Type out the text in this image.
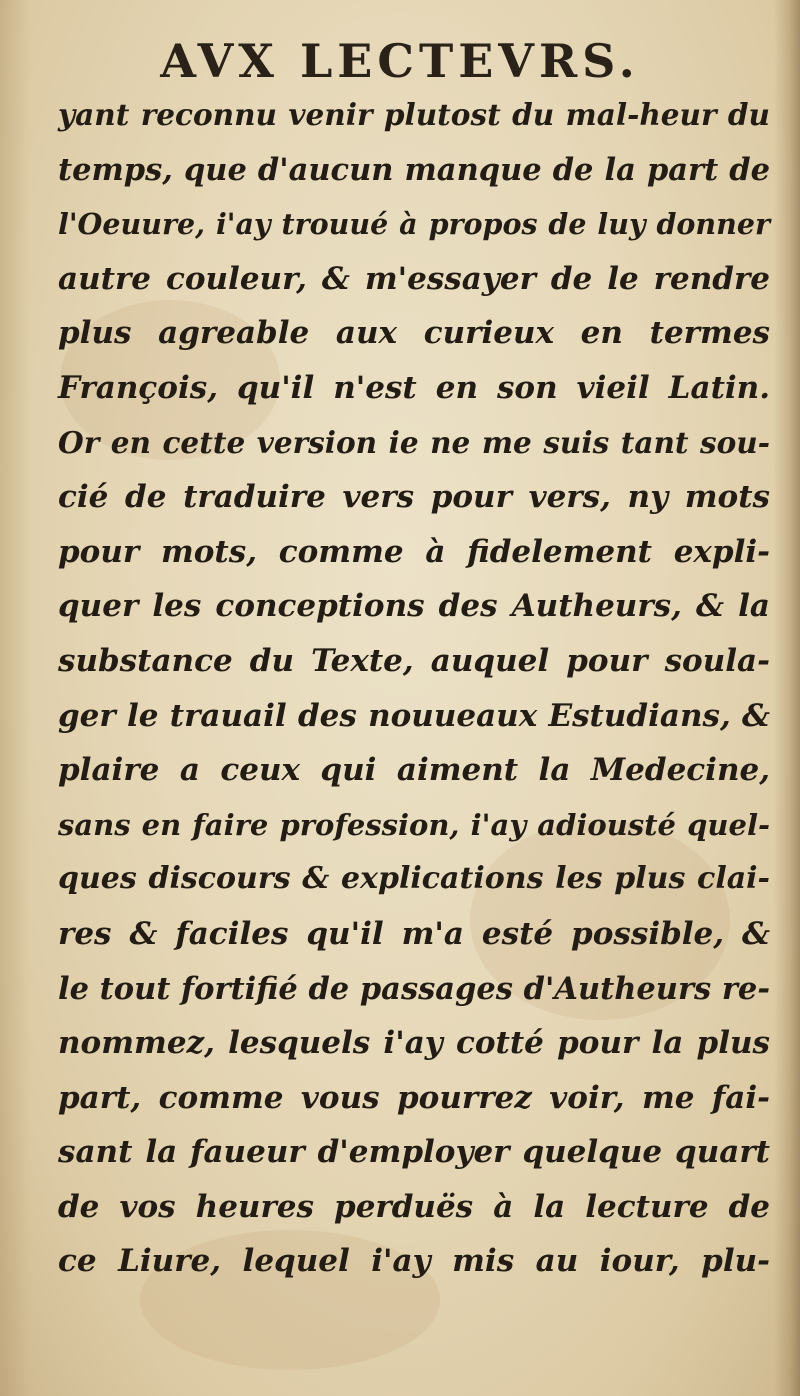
AVX LECTEVRS.
yant reconnu venir plutost du mal-heur du
temps, que d'aucun manque de la part de
l'Oeuure, i'ay trouué à propos de luy donner
autre couleur, & m'essayer de le rendre
plus agreable aux curieux en termes
François, qu'il n'est en son vieil Latin.
Or en cette version ie ne me suis tant sou-
cié de traduire vers pour vers, ny mots
pour mots, comme à fidelement expli-
quer les conceptions des Autheurs, & la
substance du Texte, auquel pour soula-
ger le trauail des nouueaux Estudians, &
plaire a ceux qui aiment la Medecine,
sans en faire profession, i'ay adiousté quel-
ques discours & explications les plus clai-
res & faciles qu'il m'a esté possible, &
le tout fortifié de passages d'Autheurs re-
nommez, lesquels i'ay cotté pour la plus
part, comme vous pourrez voir, me fai-
sant la faueur d'employer quelque quart
de vos heures perduës à la lecture de
ce Liure, lequel i'ay mis au iour, plu-
